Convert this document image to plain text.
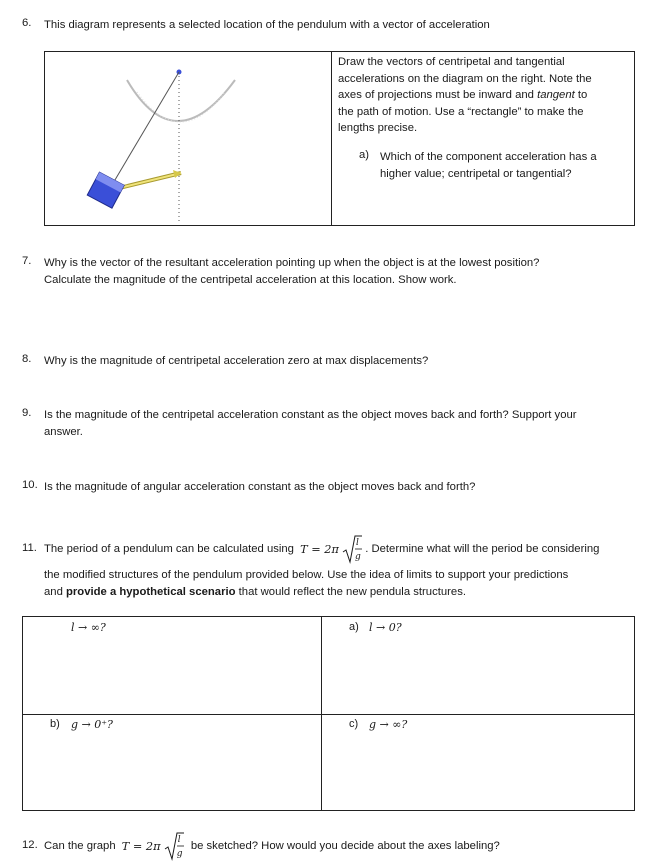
6. This diagram represents a selected location of the pendulum with a vector of acceleration
Draw the vectors of centripetal and tangential
accelerations on the diagram on the right. Note the
axes of projections must be inward and tangent to
the path of motion. Use a “rectangle” to make the
lengths precise.
a) Which of the component acceleration has a
higher value; centripetal or tangential?
7. Why is the vector of the resultant acceleration pointing up when the object is at the lowest position?
Calculate the magnitude of the centripetal acceleration at this location. Show work.
8. Why is the magnitude of centripetal acceleration zero at max displacements?
9. Is the magnitude of the centripetal acceleration constant as the object moves back and forth? Support your
answer.
10. Is the magnitude of angular acceleration constant as the object moves back and forth?
11. The period of a pendulum can be calculated using T = 2π l
g
. Determine what will the period be considering
the modified structures of the pendulum provided below. Use the idea of limits to support your predictions
and provide a hypothetical scenario that would reflect the new pendula structures.
l → ∞?	a) l → 0?
b) g → 0⁺?	c) g → ∞?
12. Can the graph T = 2π l
g
be sketched? How would you decide about the axes labeling?
